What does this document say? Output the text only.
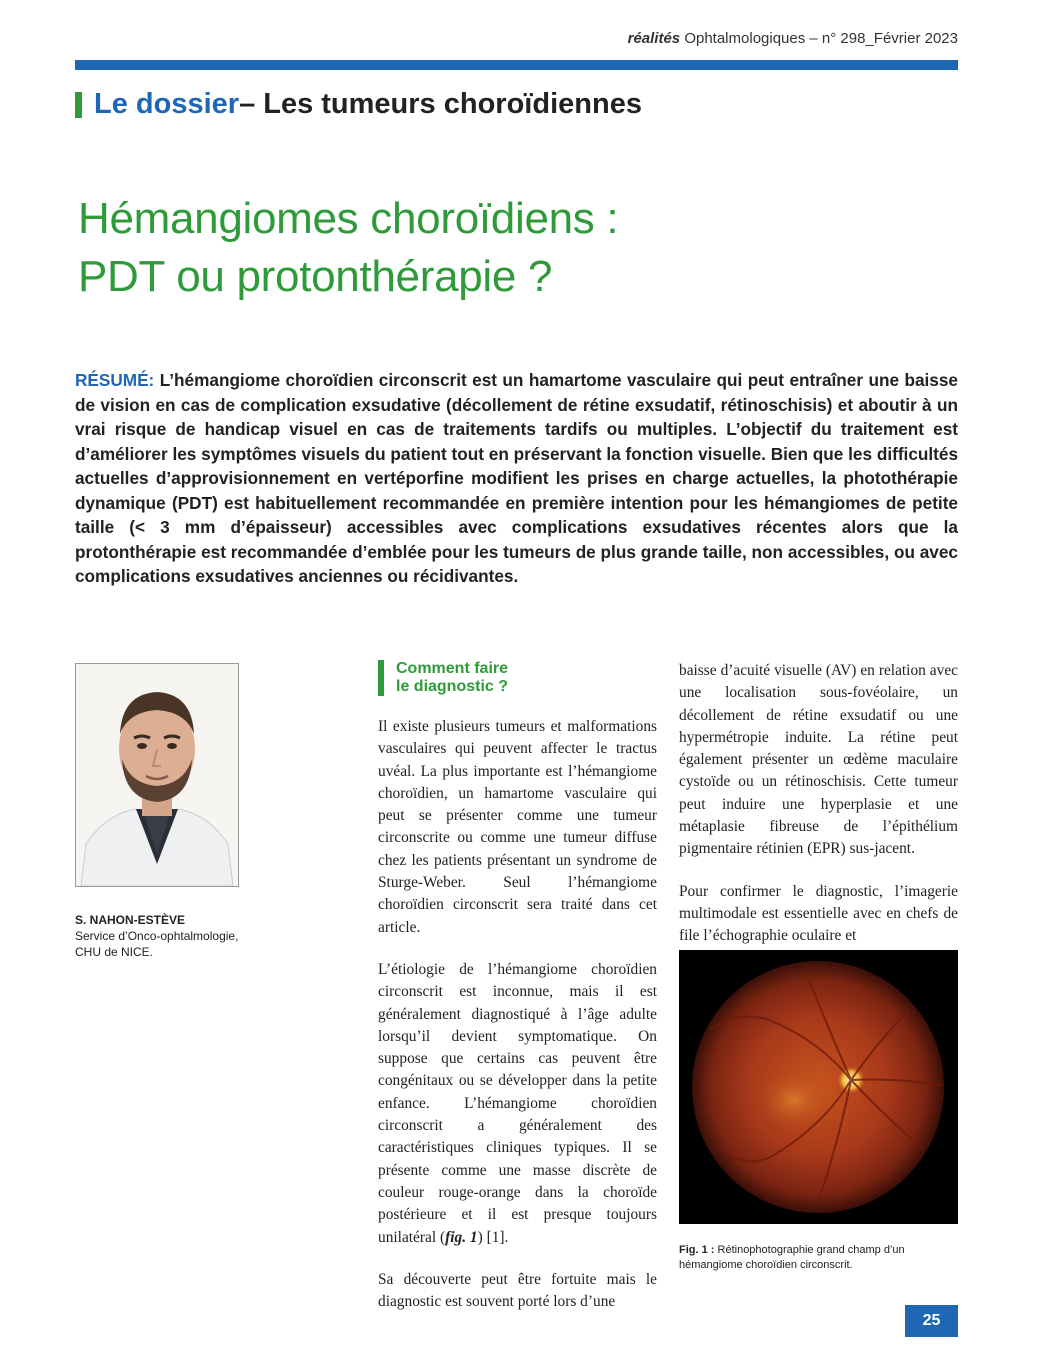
réalités Ophtalmologiques – n° 298_Février 2023
Le dossier – Les tumeurs choroïdiennes
Hémangiomes choroïdiens :
PDT ou protonthérapie ?

RÉSUMÉ: L’hémangiome choroïdien circonscrit est un hamartome vasculaire qui peut entraîner une baisse de vision en cas de complication exsudative (décollement de rétine exsudatif, rétinoschisis) et aboutir à un vrai risque de handicap visuel en cas de traitements tardifs ou multiples. L’objectif du traitement est d’améliorer les symptômes visuels du patient tout en préservant la fonction visuelle. Bien que les difficultés actuelles d’approvisionnement en vertéporfine modifient les prises en charge actuelles, la photothérapie dynamique (PDT) est habituellement recommandée en première intention pour les hémangiomes de petite taille (< 3 mm d’épaisseur) accessibles avec complications exsudatives récentes alors que la protonthérapie est recommandée d’emblée pour les tumeurs de plus grande taille, non accessibles, ou avec complications exsudatives anciennes ou récidivantes.

S. NAHON-ESTÈVE
Service d’Onco-ophtalmologie,
CHU de NICE.
Comment faire
le diagnostic ?

Il existe plusieurs tumeurs et malformations vasculaires qui peuvent affecter le tractus uvéal. La plus importante est l’hémangiome choroïdien, un hamartome vasculaire qui peut se présenter comme une tumeur circonscrite ou comme une tumeur diffuse chez les patients présentant un syndrome de Sturge-Weber. Seul l’hémangiome choroïdien circonscrit sera traité dans cet article.

L’étiologie de l’hémangiome choroïdien circonscrit est inconnue, mais il est généralement diagnostiqué à l’âge adulte lorsqu’il devient symptomatique. On suppose que certains cas peuvent être congénitaux ou se développer dans la petite enfance. L’hémangiome choroïdien circonscrit a généralement des caractéristiques cliniques typiques. Il se présente comme une masse discrète de couleur rouge-orange dans la choroïde postérieure et il est presque toujours unilatéral (fig. 1) [1].

Sa découverte peut être fortuite mais le diagnostic est souvent porté lors d’une

baisse d’acuité visuelle (AV) en relation avec une localisation sous-fovéolaire, un décollement de rétine exsudatif ou une hypermétropie induite. La rétine peut également présenter un œdème maculaire cystoïde ou un rétinoschisis. Cette tumeur peut induire une hyperplasie et une métaplasie fibreuse de l’épithélium pigmentaire rétinien (EPR) sus-jacent.

Pour confirmer le diagnostic, l’imagerie multimodale est essentielle avec en chefs de file l’échographie oculaire et

Fig. 1 : Rétinophotographie grand champ d’un hémangiome choroïdien circonscrit.
25
